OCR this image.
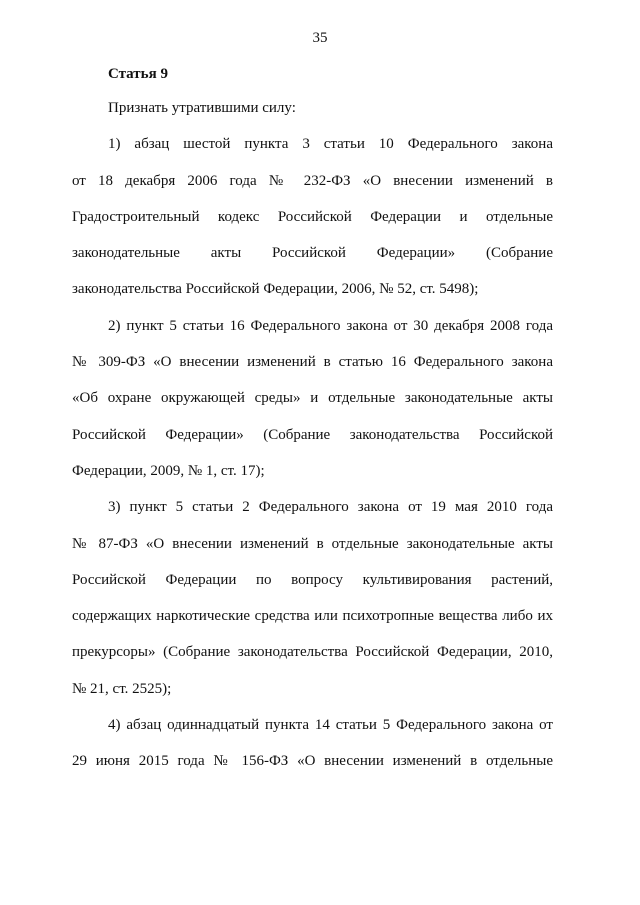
35
Статья 9
Признать утратившими силу:
1) абзац шестой пункта 3 статьи 10 Федерального закона
от 18 декабря 2006 года № 232-ФЗ «О внесении изменений в
Градостроительный кодекс Российской Федерации и отдельные
законодательные акты Российской Федерации» (Собрание
законодательства Российской Федерации, 2006, № 52, ст. 5498);
2) пункт 5 статьи 16 Федерального закона от 30 декабря 2008 года
№ 309-ФЗ «О внесении изменений в статью 16 Федерального закона
«Об охране окружающей среды» и отдельные законодательные акты
Российской Федерации» (Собрание законодательства Российской
Федерации, 2009, № 1, ст. 17);
3) пункт 5 статьи 2 Федерального закона от 19 мая 2010 года
№ 87-ФЗ «О внесении изменений в отдельные законодательные акты
Российской Федерации по вопросу культивирования растений,
содержащих наркотические средства или психотропные вещества либо их
прекурсоры» (Собрание законодательства Российской Федерации, 2010,
№ 21, ст. 2525);
4) абзац одиннадцатый пункта 14 статьи 5 Федерального закона от
29 июня 2015 года № 156-ФЗ «О внесении изменений в отдельные
